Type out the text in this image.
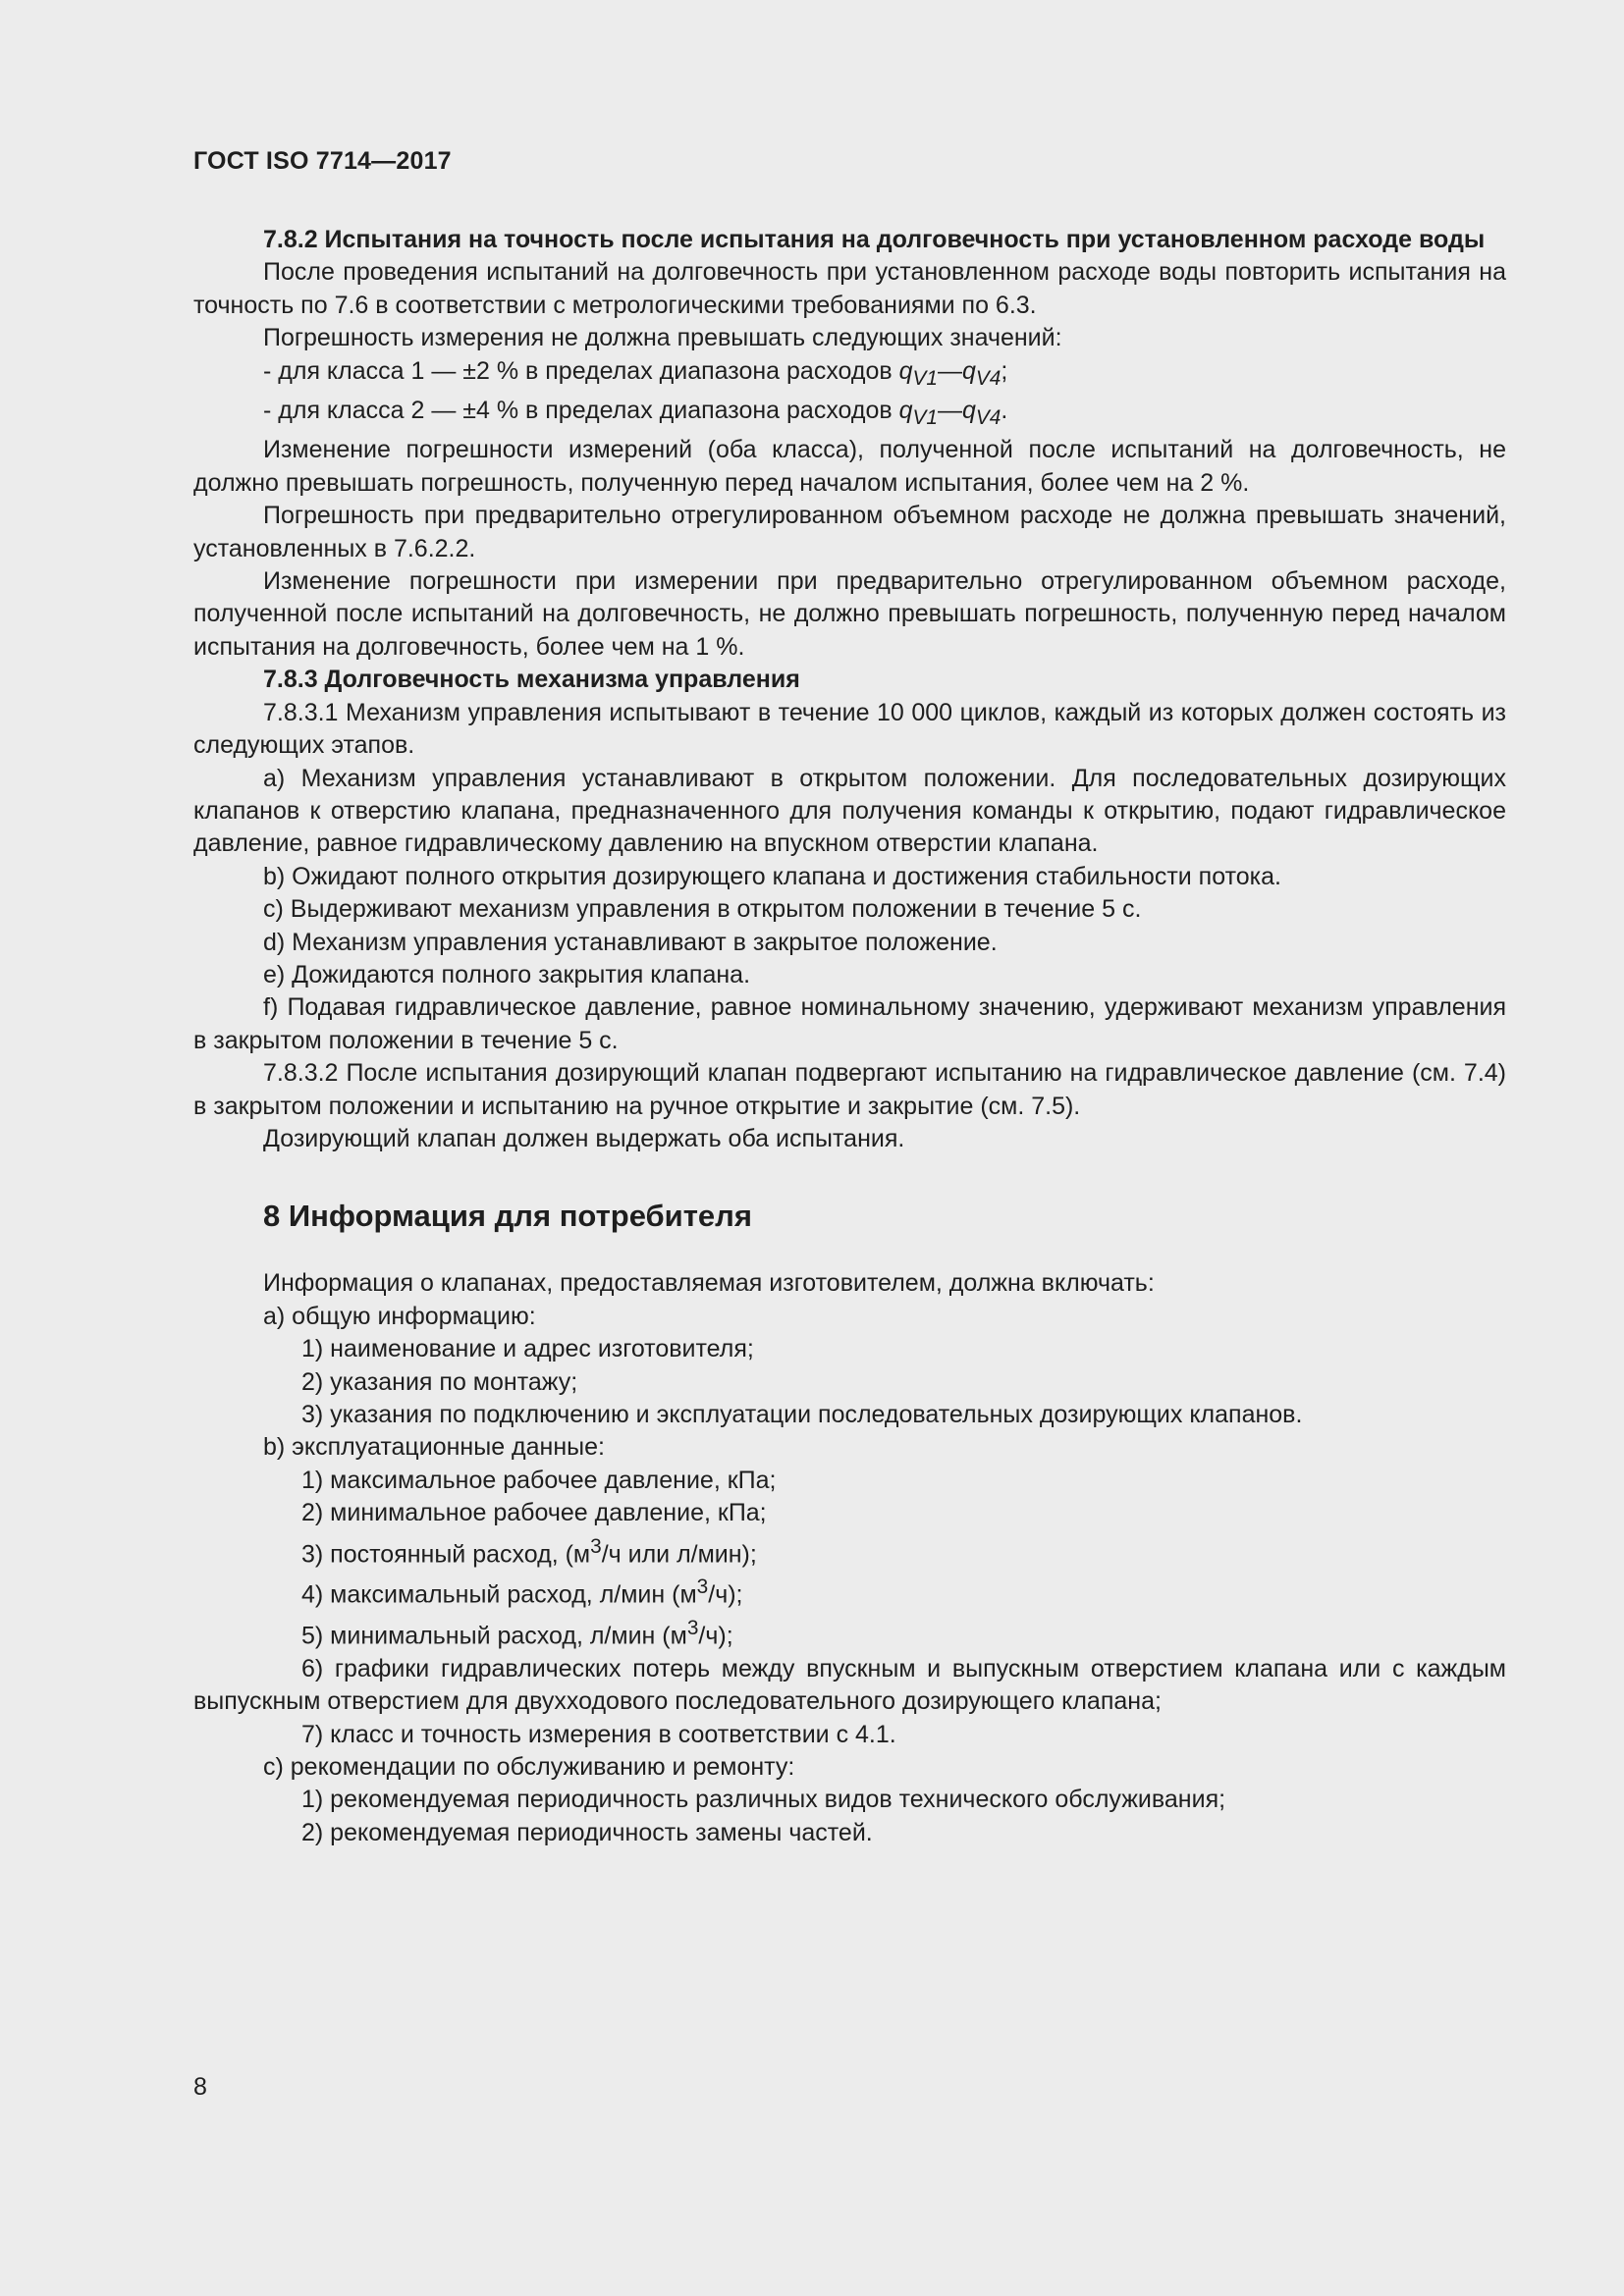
ГОСТ ISO 7714—2017

7.8.2 Испытания на точность после испытания на долговечность при установленном расходе воды

После проведения испытаний на долговечность при установленном расходе воды повторить испытания на точность по 7.6 в соответствии с метрологическими требованиями по 6.3.

Погрешность измерения не должна превышать следующих значений:

- для класса 1 — ±2 % в пределах диапазона расходов $q_{V1}—q_{V4}$;

- для класса 2 — ±4 % в пределах диапазона расходов $q_{V1}—q_{V4}$.

Изменение погрешности измерений (оба класса), полученной после испытаний на долговечность, не должно превышать погрешность, полученную перед началом испытания, более чем на 2 %.

Погрешность при предварительно отрегулированном объемном расходе не должна превышать значений, установленных в 7.6.2.2.

Изменение погрешности при измерении при предварительно отрегулированном объемном расходе, полученной после испытаний на долговечность, не должно превышать погрешность, полученную перед началом испытания на долговечность, более чем на 1 %.

7.8.3 Долговечность механизма управления

7.8.3.1 Механизм управления испытывают в течение 10 000 циклов, каждый из которых должен состоять из следующих этапов.

a) Механизм управления устанавливают в открытом положении. Для последовательных дозирующих клапанов к отверстию клапана, предназначенного для получения команды к открытию, подают гидравлическое давление, равное гидравлическому давлению на впускном отверстии клапана.

b) Ожидают полного открытия дозирующего клапана и достижения стабильности потока.

c) Выдерживают механизм управления в открытом положении в течение 5 с.

d) Механизм управления устанавливают в закрытое положение.

e) Дожидаются полного закрытия клапана.

f) Подавая гидравлическое давление, равное номинальному значению, удерживают механизм управления в закрытом положении в течение 5 с.

7.8.3.2 После испытания дозирующий клапан подвергают испытанию на гидравлическое давление (см. 7.4) в закрытом положении и испытанию на ручное открытие и закрытие (см. 7.5).

Дозирующий клапан должен выдержать оба испытания.

8 Информация для потребителя

Информация о клапанах, предоставляемая изготовителем, должна включать:

a) общую информацию:

1) наименование и адрес изготовителя;

2) указания по монтажу;

3) указания по подключению и эксплуатации последовательных дозирующих клапанов.

b) эксплуатационные данные:

1) максимальное рабочее давление, кПа;

2) минимальное рабочее давление, кПа;

3) постоянный расход, ($м^3/ч$ или л/мин);

4) максимальный расход, л/мин $(м^3/ч)$;

5) минимальный расход, л/мин $(м^3/ч)$;

6) графики гидравлических потерь между впускным и выпускным отверстием клапана или с каждым выпускным отверстием для двухходового последовательного дозирующего клапана;

7) класс и точность измерения в соответствии с 4.1.

c) рекомендации по обслуживанию и ремонту:

1) рекомендуемая периодичность различных видов технического обслуживания;

2) рекомендуемая периодичность замены частей.

8
